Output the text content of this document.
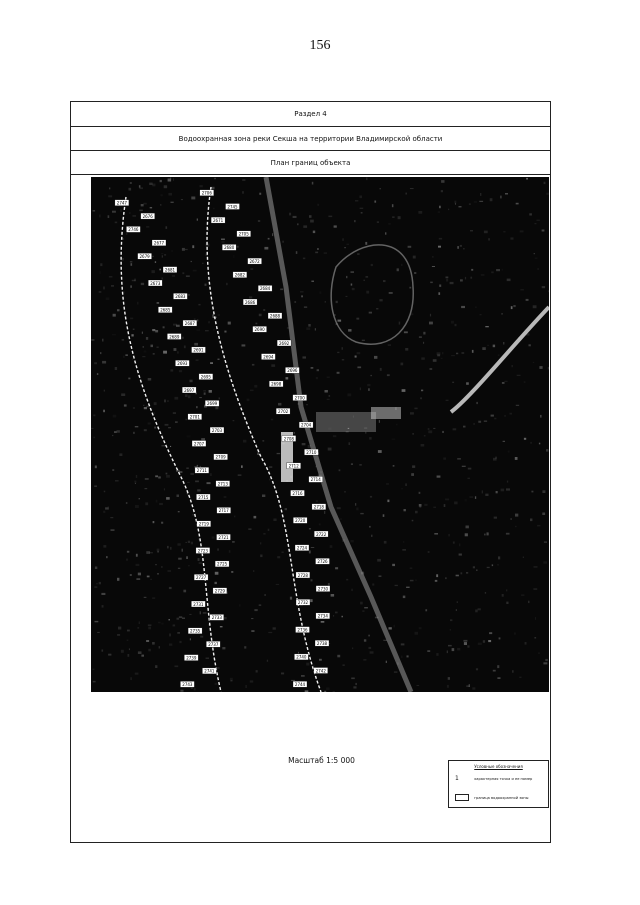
156
Раздел 4
Водоохранная зона реки Секша на территории Владимирской области
План границ объекта
2747
2706
2676
2745
2746
2671
2677
2705
2679
2680
2681
2672
2673
2682
2683
2684
2685
2686
2687
2688
2689
2690
2691
2692
2693
2694
2695
2696
2697
2698
2699
2700
2701
2702
2703
2704
2707
2708
2709
2710
2711
2712
2713
2714
2715
2716
2717
2718
2719
2720
2721
2722
2723
2724
2725
2726
2727	2728
2729	2730
2731	2732
2733	2734
2735	2736
2737	2738
2739	2740
2741	2742
2743	2744
Масштаб 1:5 000
Условные обозначения
1	характерная точка и ее номер
граница водоохранной зоны
